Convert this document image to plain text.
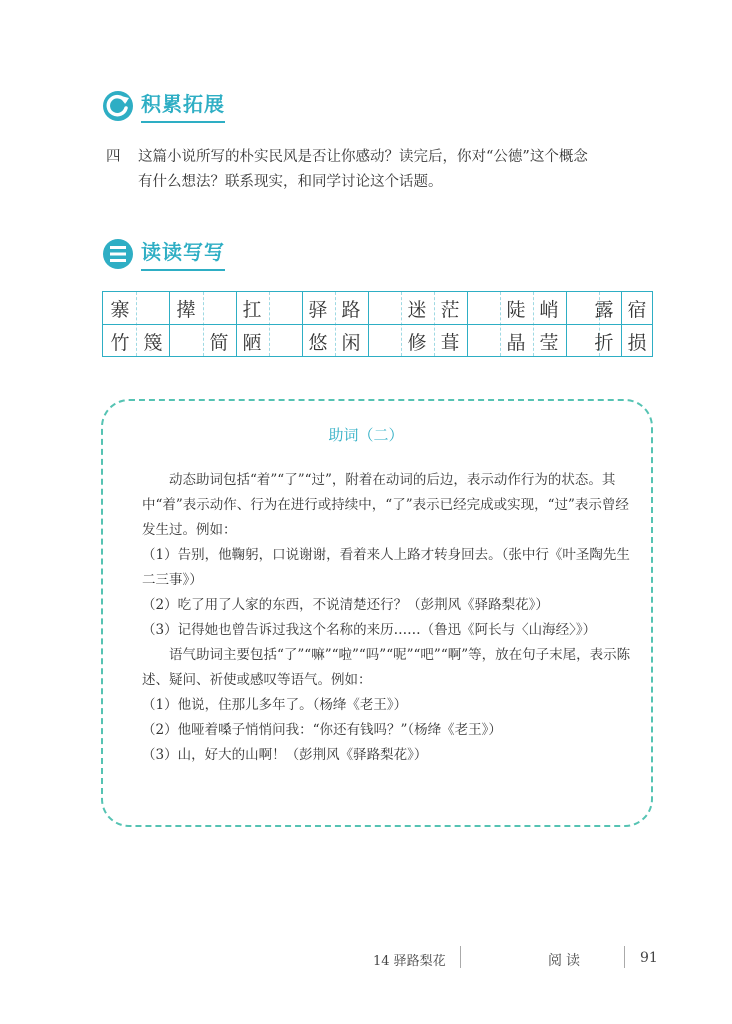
积累拓展
四 这篇小说所写的朴实民风是否让你感动？读完后，你对“公德”这个概念
有什么想法？联系现实，和同学讨论这个话题。
读读写写
寨	撵	扛	驿 路	迷 茫	陡 峭	露 宿
竹 篾	简 陋	悠 闲	修 葺	晶 莹	折 损
助词（二）

动态助词包括“着”“了”“过”，附着在动词的后边，表示动作行为的状态。其中“着”表示动作、行为在进行或持续中，“了”表示已经完成或实现，“过”表示曾经发生过。例如：

（1）告别，他鞠躬，口说谢谢，看着来人上路才转身回去。（张中行《叶圣陶先生二三事》）

（2）吃了用了人家的东西，不说清楚还行？（彭荆风《驿路梨花》）

（3）记得她也曾告诉过我这个名称的来历……（鲁迅《阿长与〈山海经〉》）

语气助词主要包括“了”“嘛”“啦”“吗”“呢”“吧”“啊”等，放在句子末尾，表示陈述、疑问、祈使或感叹等语气。例如：

（1）他说，住那儿多年了。（杨绛《老王》）

（2）他哑着嗓子悄悄问我：“你还有钱吗？”（杨绛《老王》）

（3）山，好大的山啊！（彭荆风《驿路梨花》）

14 驿路梨花	阅读	91
